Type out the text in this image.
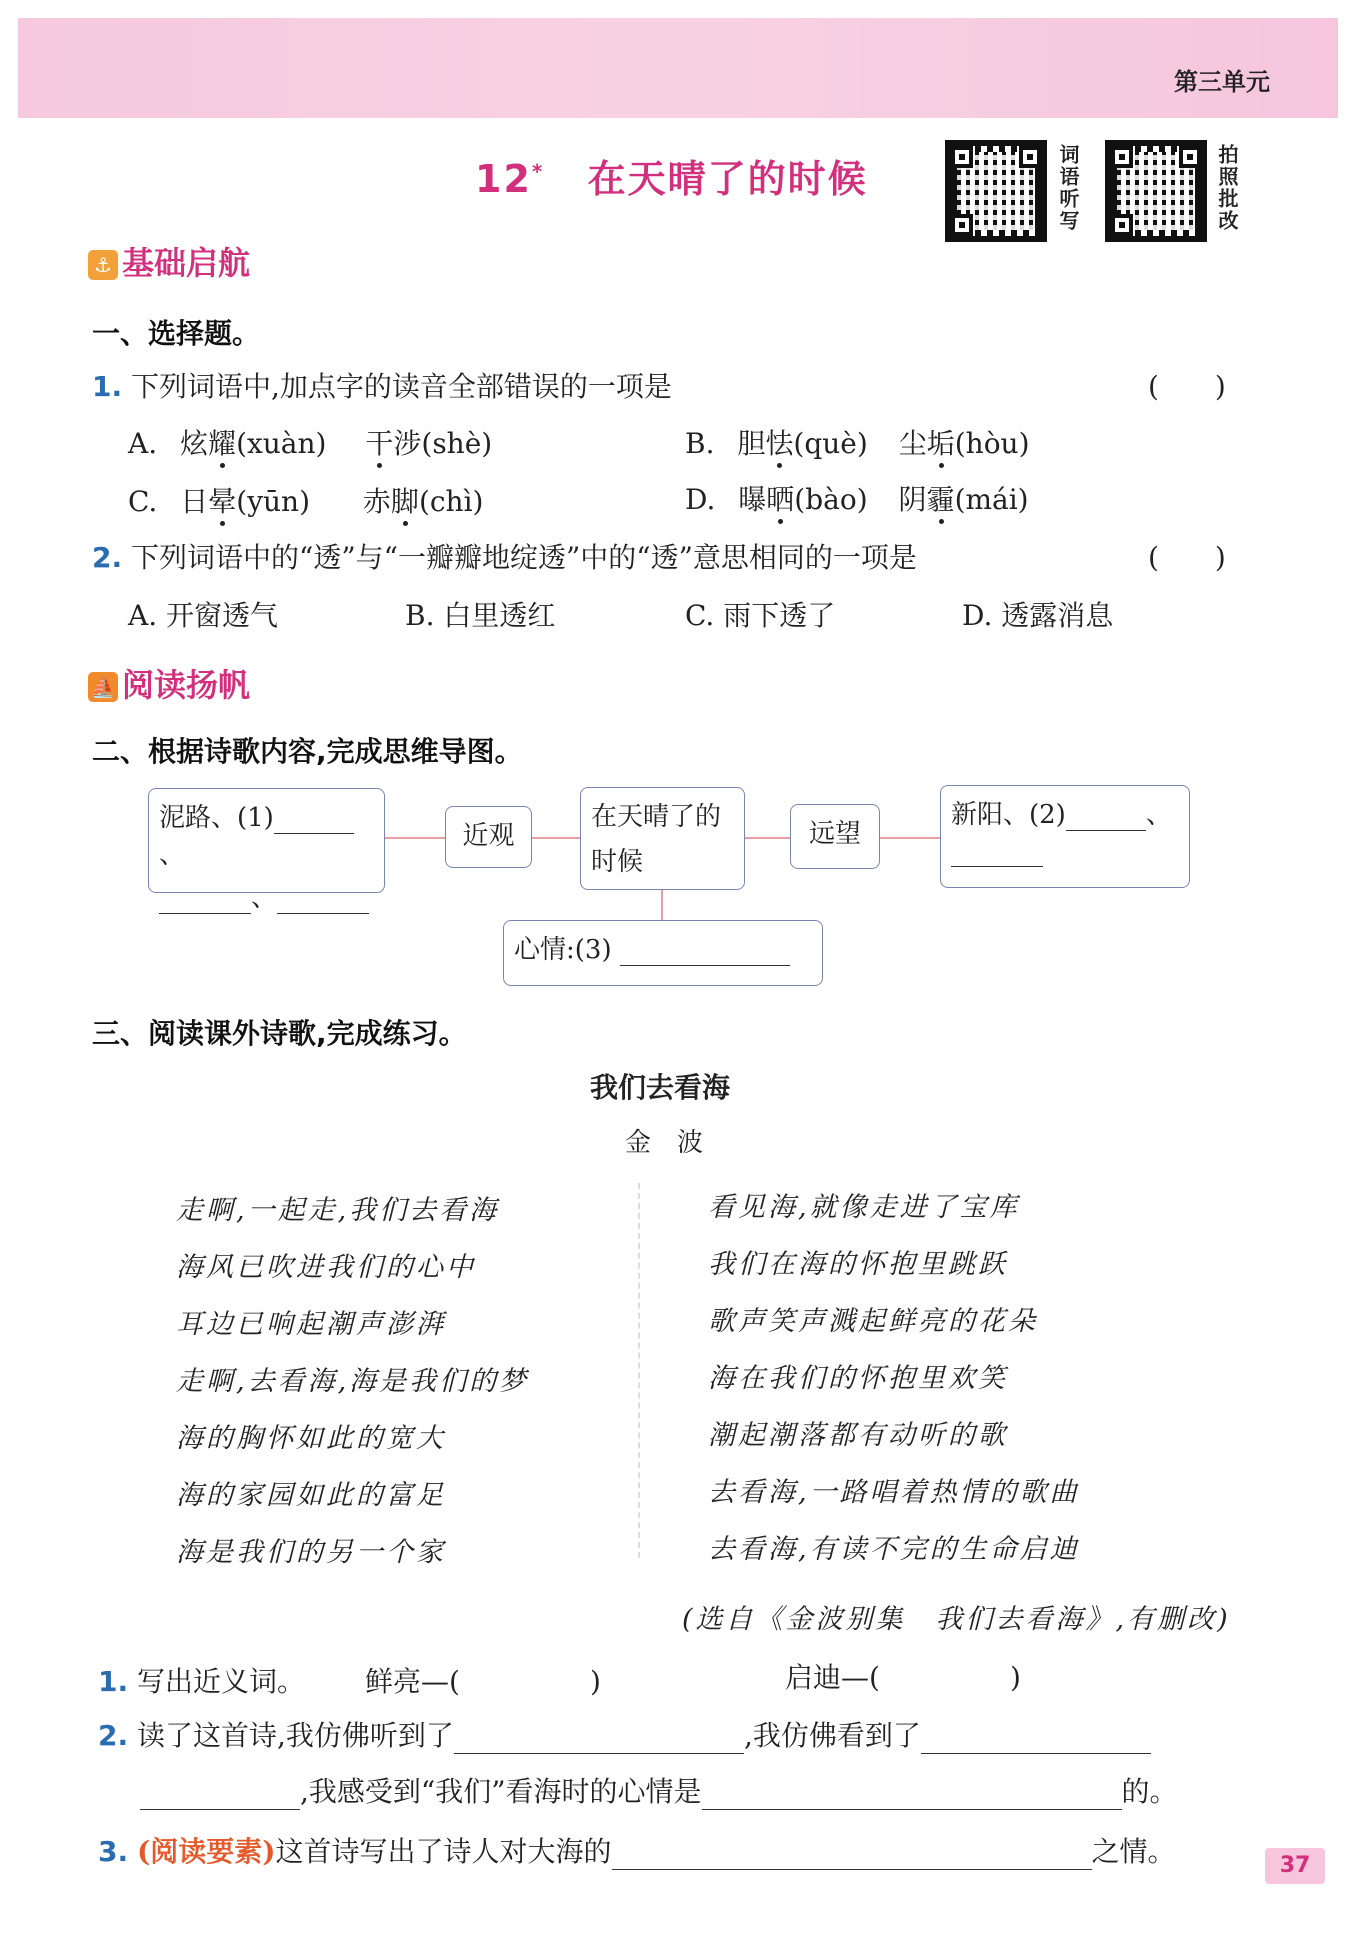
第三单元
12* 在天晴了的时候	词语听写	拍照批改
⚓ 基础启航
一、选择题。
1. 下列词语中,加点字的读音全部错误的一项是	(　　)
A. 炫耀(xuàn) 干涉(shè)	B. 胆怯(què) 尘垢(hòu)
C. 日晕(yūn) 赤脚(chì)	D. 曝晒(bào) 阴霾(mái)
2. 下列词语中的“透”与“一瓣瓣地绽透”中的“透”意思相同的一项是	(　　)
A. 开窗透气	B. 白里透红	C. 雨下透了	D. 透露消息
⛵ 阅读扬帆
二、根据诗歌内容,完成思维导图。
泥路、(1)、
、
近观
在天晴了的
时候
远望
新阳、(2)	、
心情:(3)
三、阅读课外诗歌,完成练习。
我们去看海
金　波
走啊,一起走,我们去看海
海风已吹进我们的心中
耳边已响起潮声澎湃
走啊,去看海,海是我们的梦
海的胸怀如此的宽大
海的家园如此的富足
海是我们的另一个家
看见海,就像走进了宝库
我们在海的怀抱里跳跃
歌声笑声溅起鲜亮的花朵
海在我们的怀抱里欢笑
潮起潮落都有动听的歌
去看海,一路唱着热情的歌曲
去看海,有读不完的生命启迪
(选自《金波别集　我们去看海》,有删改)
1. 写出近义词。 鲜亮—(	)	启迪—(	)
2. 读了这首诗,我仿佛听到了	,我仿佛看到了
,我感受到“我们”看海时的心情是	的。
3. (阅读要素)这首诗写出了诗人对大海的	之情。	37
